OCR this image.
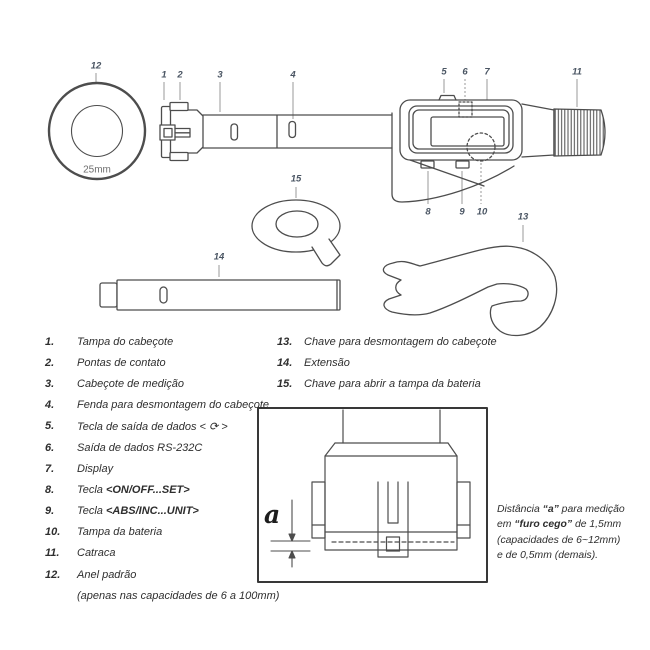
1 2	3	4	5 6 7
8	9 10
11
12
13
14
15
25mm
1.	Tampa do cabeçote
2.	Pontas de contato
3.	Cabeçote de medição
4.	Fenda para desmontagem do cabeçote
5.	Tecla de saída de dados < ⟳ >
6.	Saída de dados RS-232C
7.	Display
8.	Tecla <ON/OFF...SET>
9.	Tecla <ABS/INC...UNIT>
10.	Tampa da bateria
11.	Catraca
12.	Anel padrão
(apenas nas capacidades de 6 a 100mm)
13.	Chave para desmontagem do cabeçote
14.	Extensão
15.	Chave para abrir a tampa da bateria
a	Distância “a” para medição
em “furo cego” de 1,5mm
(capacidades de 6~12mm)
e de 0,5mm (demais).
